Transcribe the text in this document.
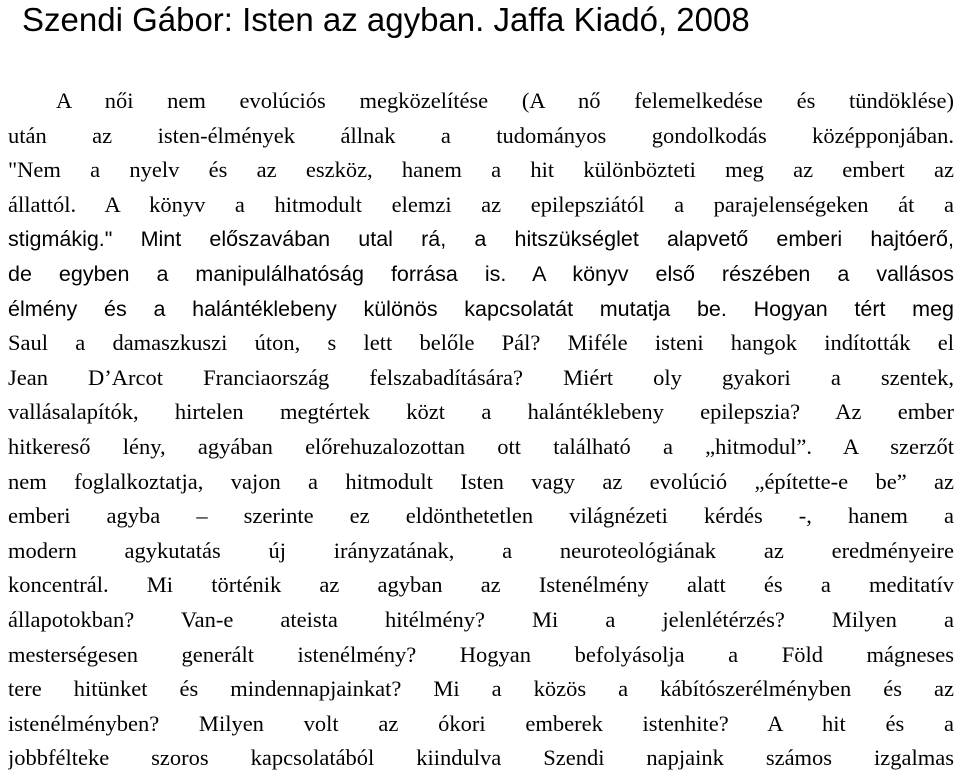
Szendi Gábor: Isten az agyban. Jaffa Kiadó, 2008
A női nem evolúciós megközelítése (A nő felemelkedése és tündöklése)
után az isten-élmények állnak a tudományos gondolkodás középponjában.
"Nem a nyelv és az eszköz, hanem a hit különbözteti meg az embert az
állattól. A könyv a hitmodult elemzi az epilepsziától a parajelenségeken át a
stigmákig." Mint előszavában utal rá, a hitszükséglet alapvető emberi hajtóerő,
de egyben a manipulálhatóság forrása is. A könyv első részében a vallásos
élmény és a halántéklebeny különös kapcsolatát mutatja be. Hogyan tért meg
Saul a damaszkuszi úton, s lett belőle Pál? Miféle isteni hangok indították el
Jean D’Arcot Franciaország felszabadítására? Miért oly gyakori a szentek,
vallásalapítók, hirtelen megtértek közt a halántéklebeny epilepszia? Az ember
hitkereső lény, agyában előrehuzalozottan ott található a „hitmodul”. A szerzőt
nem foglalkoztatja, vajon a hitmodult Isten vagy az evolúció „építette-e be” az
emberi agyba – szerinte ez eldönthetetlen világnézeti kérdés -, hanem a
modern agykutatás új irányzatának, a neuroteológiának az eredményeire
koncentrál. Mi történik az agyban az Istenélmény alatt és a meditatív
állapotokban? Van-e ateista hitélmény? Mi a jelenlétérzés? Milyen a
mesterségesen generált istenélmény? Hogyan befolyásolja a Föld mágneses
tere hitünket és mindennapjainkat? Mi a közös a kábítószerélményben és az
istenélményben? Milyen volt az ókori emberek istenhite? A hit és a
jobbfélteke szoros kapcsolatából kiindulva Szendi napjaink számos izgalmas
